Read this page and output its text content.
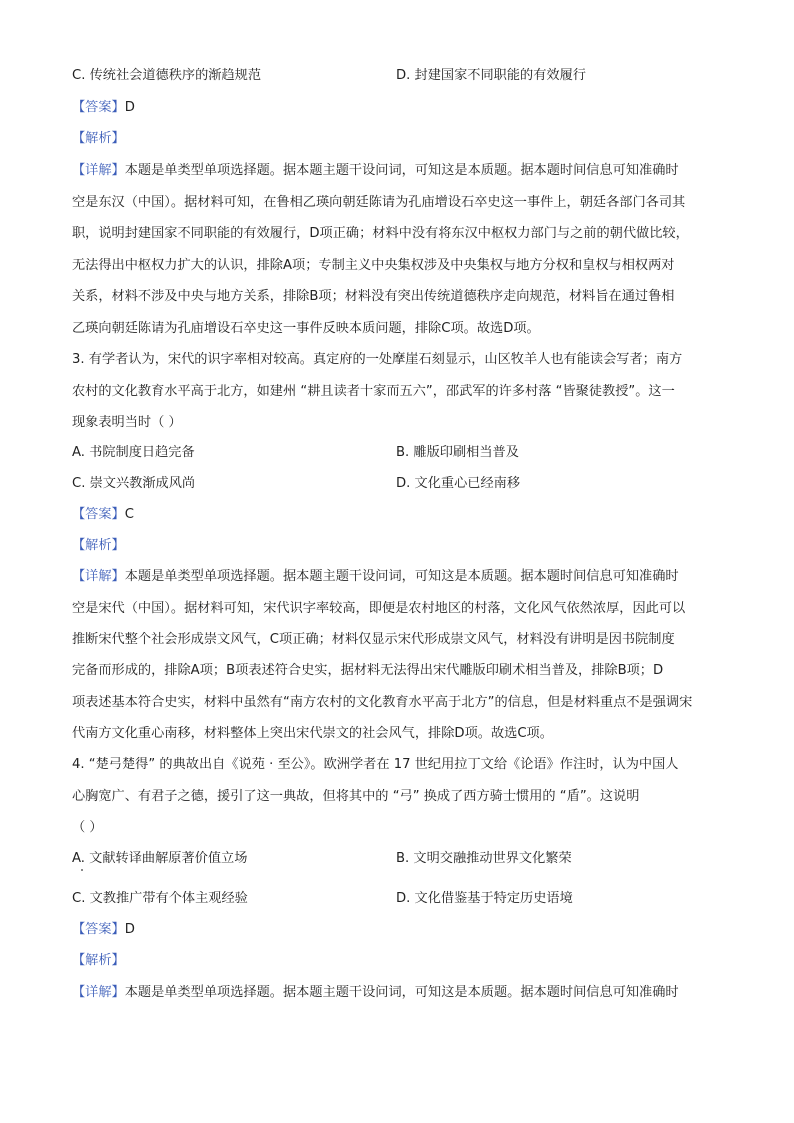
C. 传统社会道德秩序的渐趋规范	D. 封建国家不同职能的有效履行
【答案】D
【解析】
【详解】本题是单类型单项选择题。据本题主题干设问词，可知这是本质题。据本题时间信息可知准确时
空是东汉（中国）。据材料可知，在鲁相乙瑛向朝廷陈请为孔庙增设石卒史这一事件上，朝廷各部门各司其
职，说明封建国家不同职能的有效履行，D项正确；材料中没有将东汉中枢权力部门与之前的朝代做比较，
无法得出中枢权力扩大的认识，排除A项；专制主义中央集权涉及中央集权与地方分权和皇权与相权两对
关系，材料不涉及中央与地方关系，排除B项；材料没有突出传统道德秩序走向规范，材料旨在通过鲁相
乙瑛向朝廷陈请为孔庙增设石卒史这一事件反映本质问题，排除C项。故选D项。
3. 有学者认为，宋代的识字率相对较高。真定府的一处摩崖石刻显示，山区牧羊人也有能读会写者；南方
农村的文化教育水平高于北方，如建州 “耕且读者十家而五六”，邵武军的许多村落 “皆聚徒教授”。这一
现象表明当时（ ）
A. 书院制度日趋完备	B. 雕版印刷相当普及
C. 崇文兴教渐成风尚	D. 文化重心已经南移
【答案】C
【解析】
【详解】本题是单类型单项选择题。据本题主题干设问词，可知这是本质题。据本题时间信息可知准确时
空是宋代（中国）。据材料可知，宋代识字率较高，即便是农村地区的村落，文化风气依然浓厚，因此可以
推断宋代整个社会形成崇文风气，C项正确；材料仅显示宋代形成崇文风气，材料没有讲明是因书院制度
完备而形成的，排除A项；B项表述符合史实，据材料无法得出宋代雕版印刷术相当普及，排除B项；D
项表述基本符合史实，材料中虽然有“南方农村的文化教育水平高于北方”的信息，但是材料重点不是强调宋
代南方文化重心南移，材料整体上突出宋代崇文的社会风气，排除D项。故选C项。
4. “楚弓楚得” 的典故出自《说苑 · 至公》。欧洲学者在 17 世纪用拉丁文给《论语》作注时，认为中国人
心胸宽广、有君子之德，援引了这一典故，但将其中的 “弓” 换成了西方骑士惯用的 “盾”。这说明
（ ）
A. 文献转译曲解原著价值立场	B. 文明交融推动世界文化繁荣
C. 文教推广带有个体主观经验	D. 文化借鉴基于特定历史语境
【答案】D
【解析】
【详解】本题是单类型单项选择题。据本题主题干设问词，可知这是本质题。据本题时间信息可知准确时
